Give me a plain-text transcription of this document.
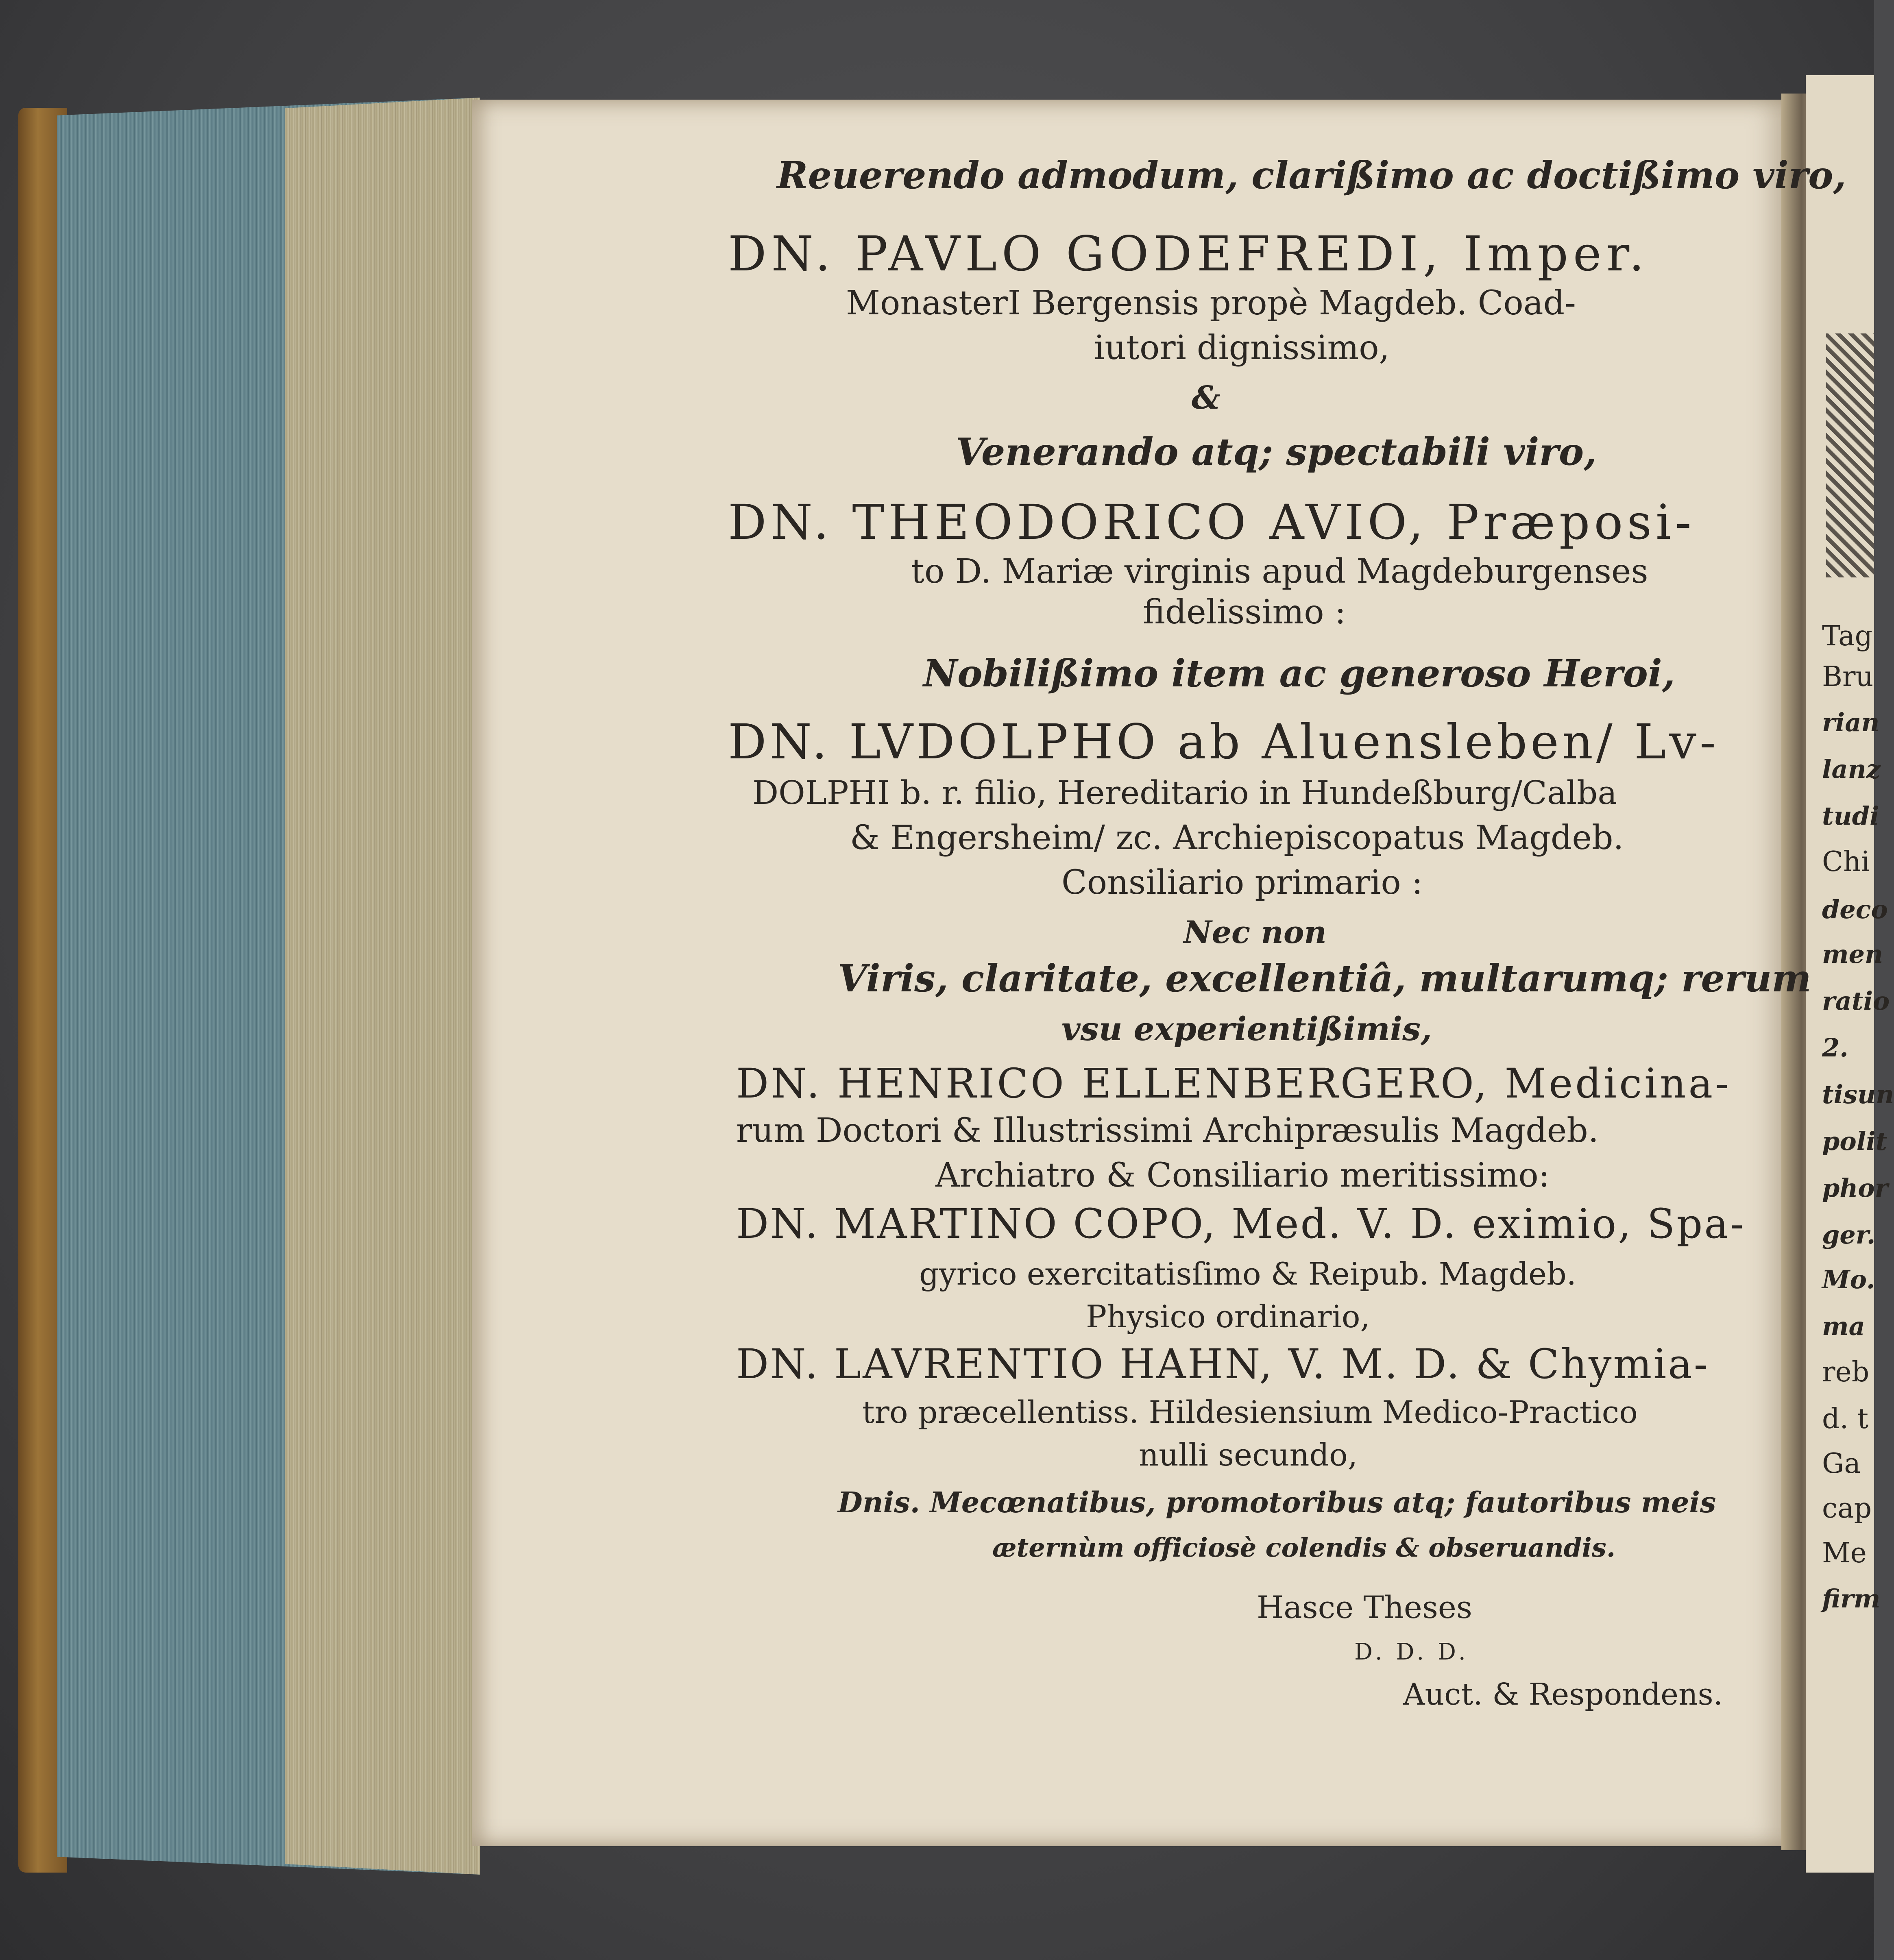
Reuerendo admodum, clarißimo ac doctißimo viro,
DN. PAVLO GODEFREDI, Imper.
MonasterI Bergensis propè Magdeb. Coad-
iutori dignissimo,
&
Venerando atq; spectabili viro,
DN. THEODORICO AVIO, Præposi-
to D. Mariæ virginis apud Magdeburgenses
fidelissimo :
Nobilißimo item ac generoso Heroi,
DN. LVDOLPHO ab Aluensleben/ Lv-
DOLPHI b. r. filio, Hereditario in Hundeßburg/Calba
& Engersheim/ zc. Archiepiscopatus Magdeb.
Consiliario primario :
Nec non
Viris, claritate, excellentiâ, multarumq; rerum
vsu experientißimis,
DN. HENRICO ELLENBERGERO, Medicina-
rum Doctori & Illustrissimi Archipræsulis Magdeb.
Archiatro & Consiliario meritissimo:
DN. MARTINO COPO, Med. V. D. eximio, Spa-
gyrico exercitatisſimo & Reipub. Magdeb.
Physico ordinario,
DN. LAVRENTIO HAHN, V. M. D. & Chymia-
tro præcellentiss. Hildesiensium Medico-Practico
nulli secundo,
Dnis. Mecœnatibus, promotoribus atq; fautoribus meis
æternùm officiosè colendis & obseruandis.
Hasce Theses
D. D. D.
Auct. & Respondens.
Tag
Bru
rian
lanz
tudi
Chi
deco
men
ratio
2.
tisun
polit
phor
ger.
Mo.
ma
reb
d. t
Ga
cap
Me
firm
